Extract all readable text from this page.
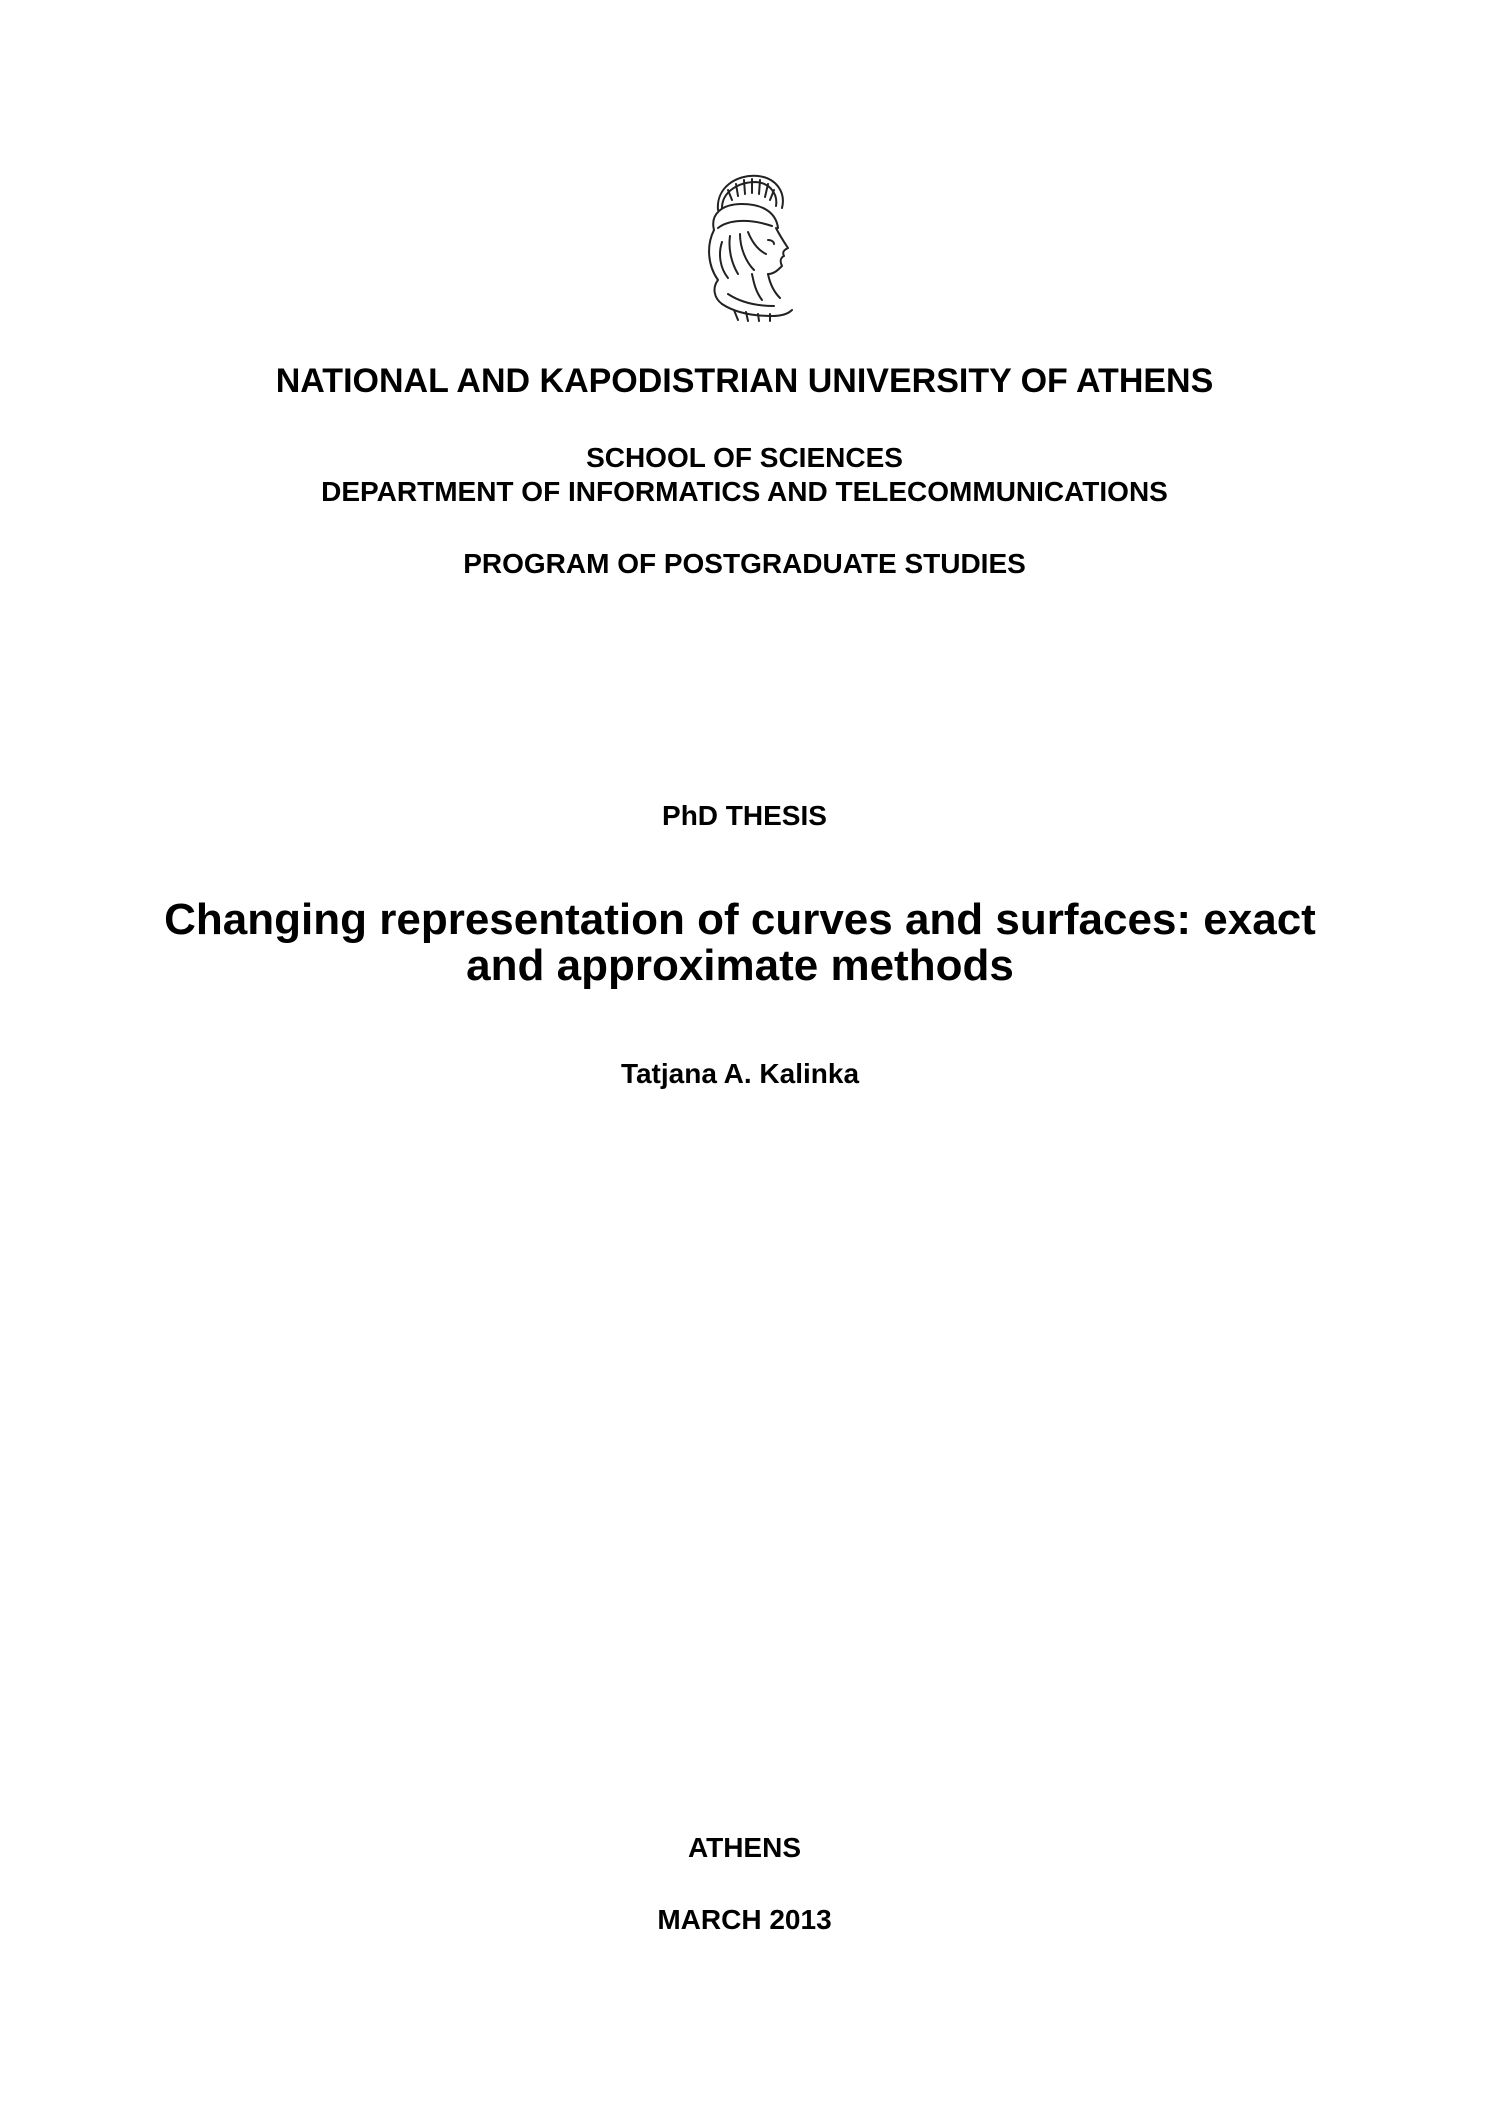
NATIONAL AND KAPODISTRIAN UNIVERSITY OF ATHENS

SCHOOL OF SCIENCES

DEPARTMENT OF INFORMATICS AND TELECOMMUNICATIONS

PROGRAM OF POSTGRADUATE STUDIES

PhD THESIS

Changing representation of curves and surfaces: exact

and approximate methods

Tatjana A. Kalinka

ATHENS

MARCH 2013
